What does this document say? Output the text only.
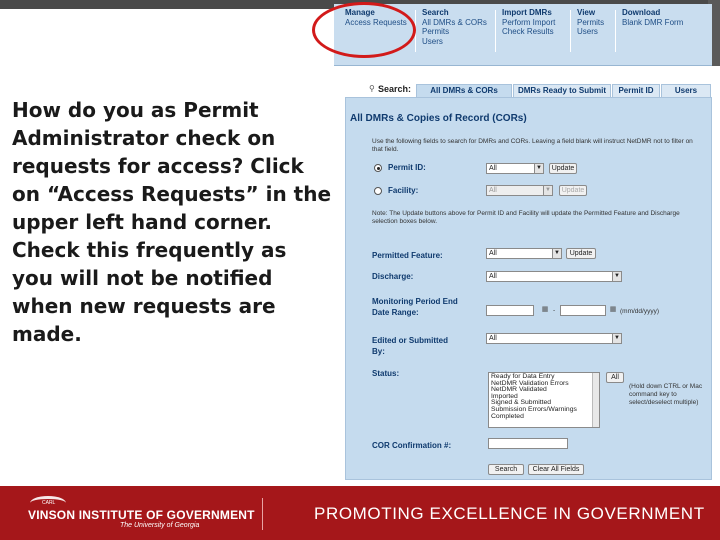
How do you as Permit
Administrator check on
requests for access? Click
on “Access Requests” in the
upper left hand corner.
Check this frequently as
you will not be notified
when new requests are
made.
Manage
Access Requests
Search
All DMRs & CORs
Permits
Users
Import DMRs
Perform Import
Check Results
View
Permits
Users
Download
Blank DMR Form
⚲ Search:	All DMRs & CORs	DMRs Ready to Submit	Permit ID	Users
All DMRs & Copies of Record (CORs)
Use the following fields to search for DMRs and CORs. Leaving a field blank will instruct NetDMR not to filter on that field.
Permit ID:	All	▼	Update
Facility:	All	▼	Update
Note: The Update buttons above for Permit ID and Facility will update the Permitted Feature and Discharge selection boxes below.
Permitted Feature:	All	▼	Update
Discharge:	All	▼
Monitoring Period End
Date Range:	▦ -	▦ (mm/dd/yyyy)
Edited or Submitted
By:
All	▼
Status:	Ready for Data Entry
NetDMR Validation Errors
NetDMR Validated
Imported
Signed & Submitted
Submission Errors/Warnings
Completed
All
(Hold down CTRL or Mac command key to select/deselect multiple)
COR Confirmation #:
Search	Clear All Fields
CARL
VINSON INSTITUTE OF GOVERNMENT
The University of Georgia
PROMOTING EXCELLENCE IN GOVERNMENT
